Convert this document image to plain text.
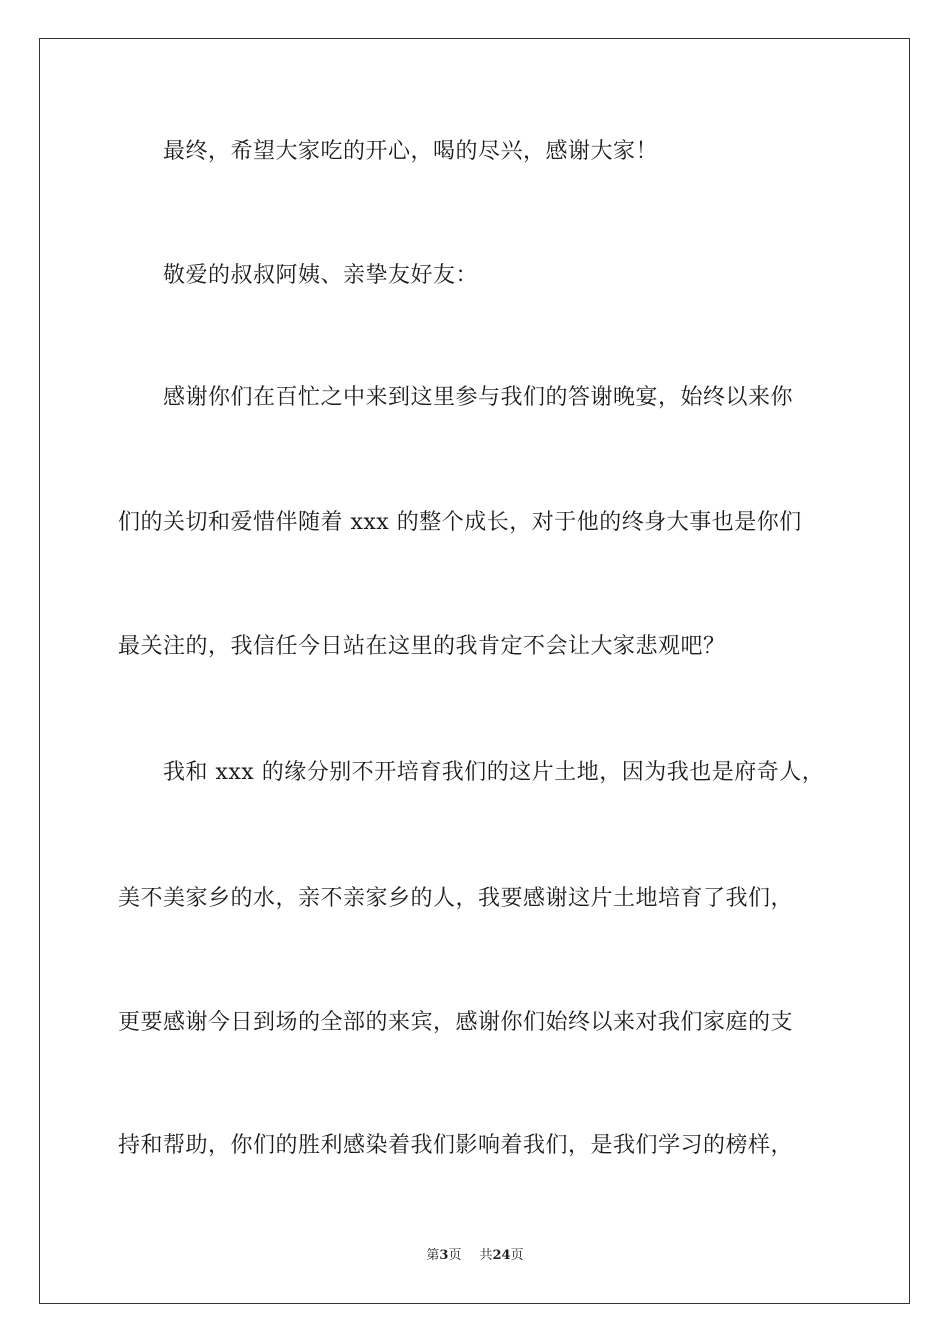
最终，希望大家吃的开心，喝的尽兴，感谢大家！
敬爱的叔叔阿姨、亲挚友好友：
感谢你们在百忙之中来到这里参与我们的答谢晚宴，始终以来你
们的关切和爱惜伴随着 xxx 的整个成长，对于他的终身大事也是你们
最关注的，我信任今日站在这里的我肯定不会让大家悲观吧？
我和 xxx 的缘分别不开培育我们的这片土地，因为我也是府奇人，
美不美家乡的水，亲不亲家乡的人，我要感谢这片土地培育了我们，
更要感谢今日到场的全部的来宾，感谢你们始终以来对我们家庭的支
持和帮助，你们的胜利感染着我们影响着我们，是我们学习的榜样，
第3页 共24页
